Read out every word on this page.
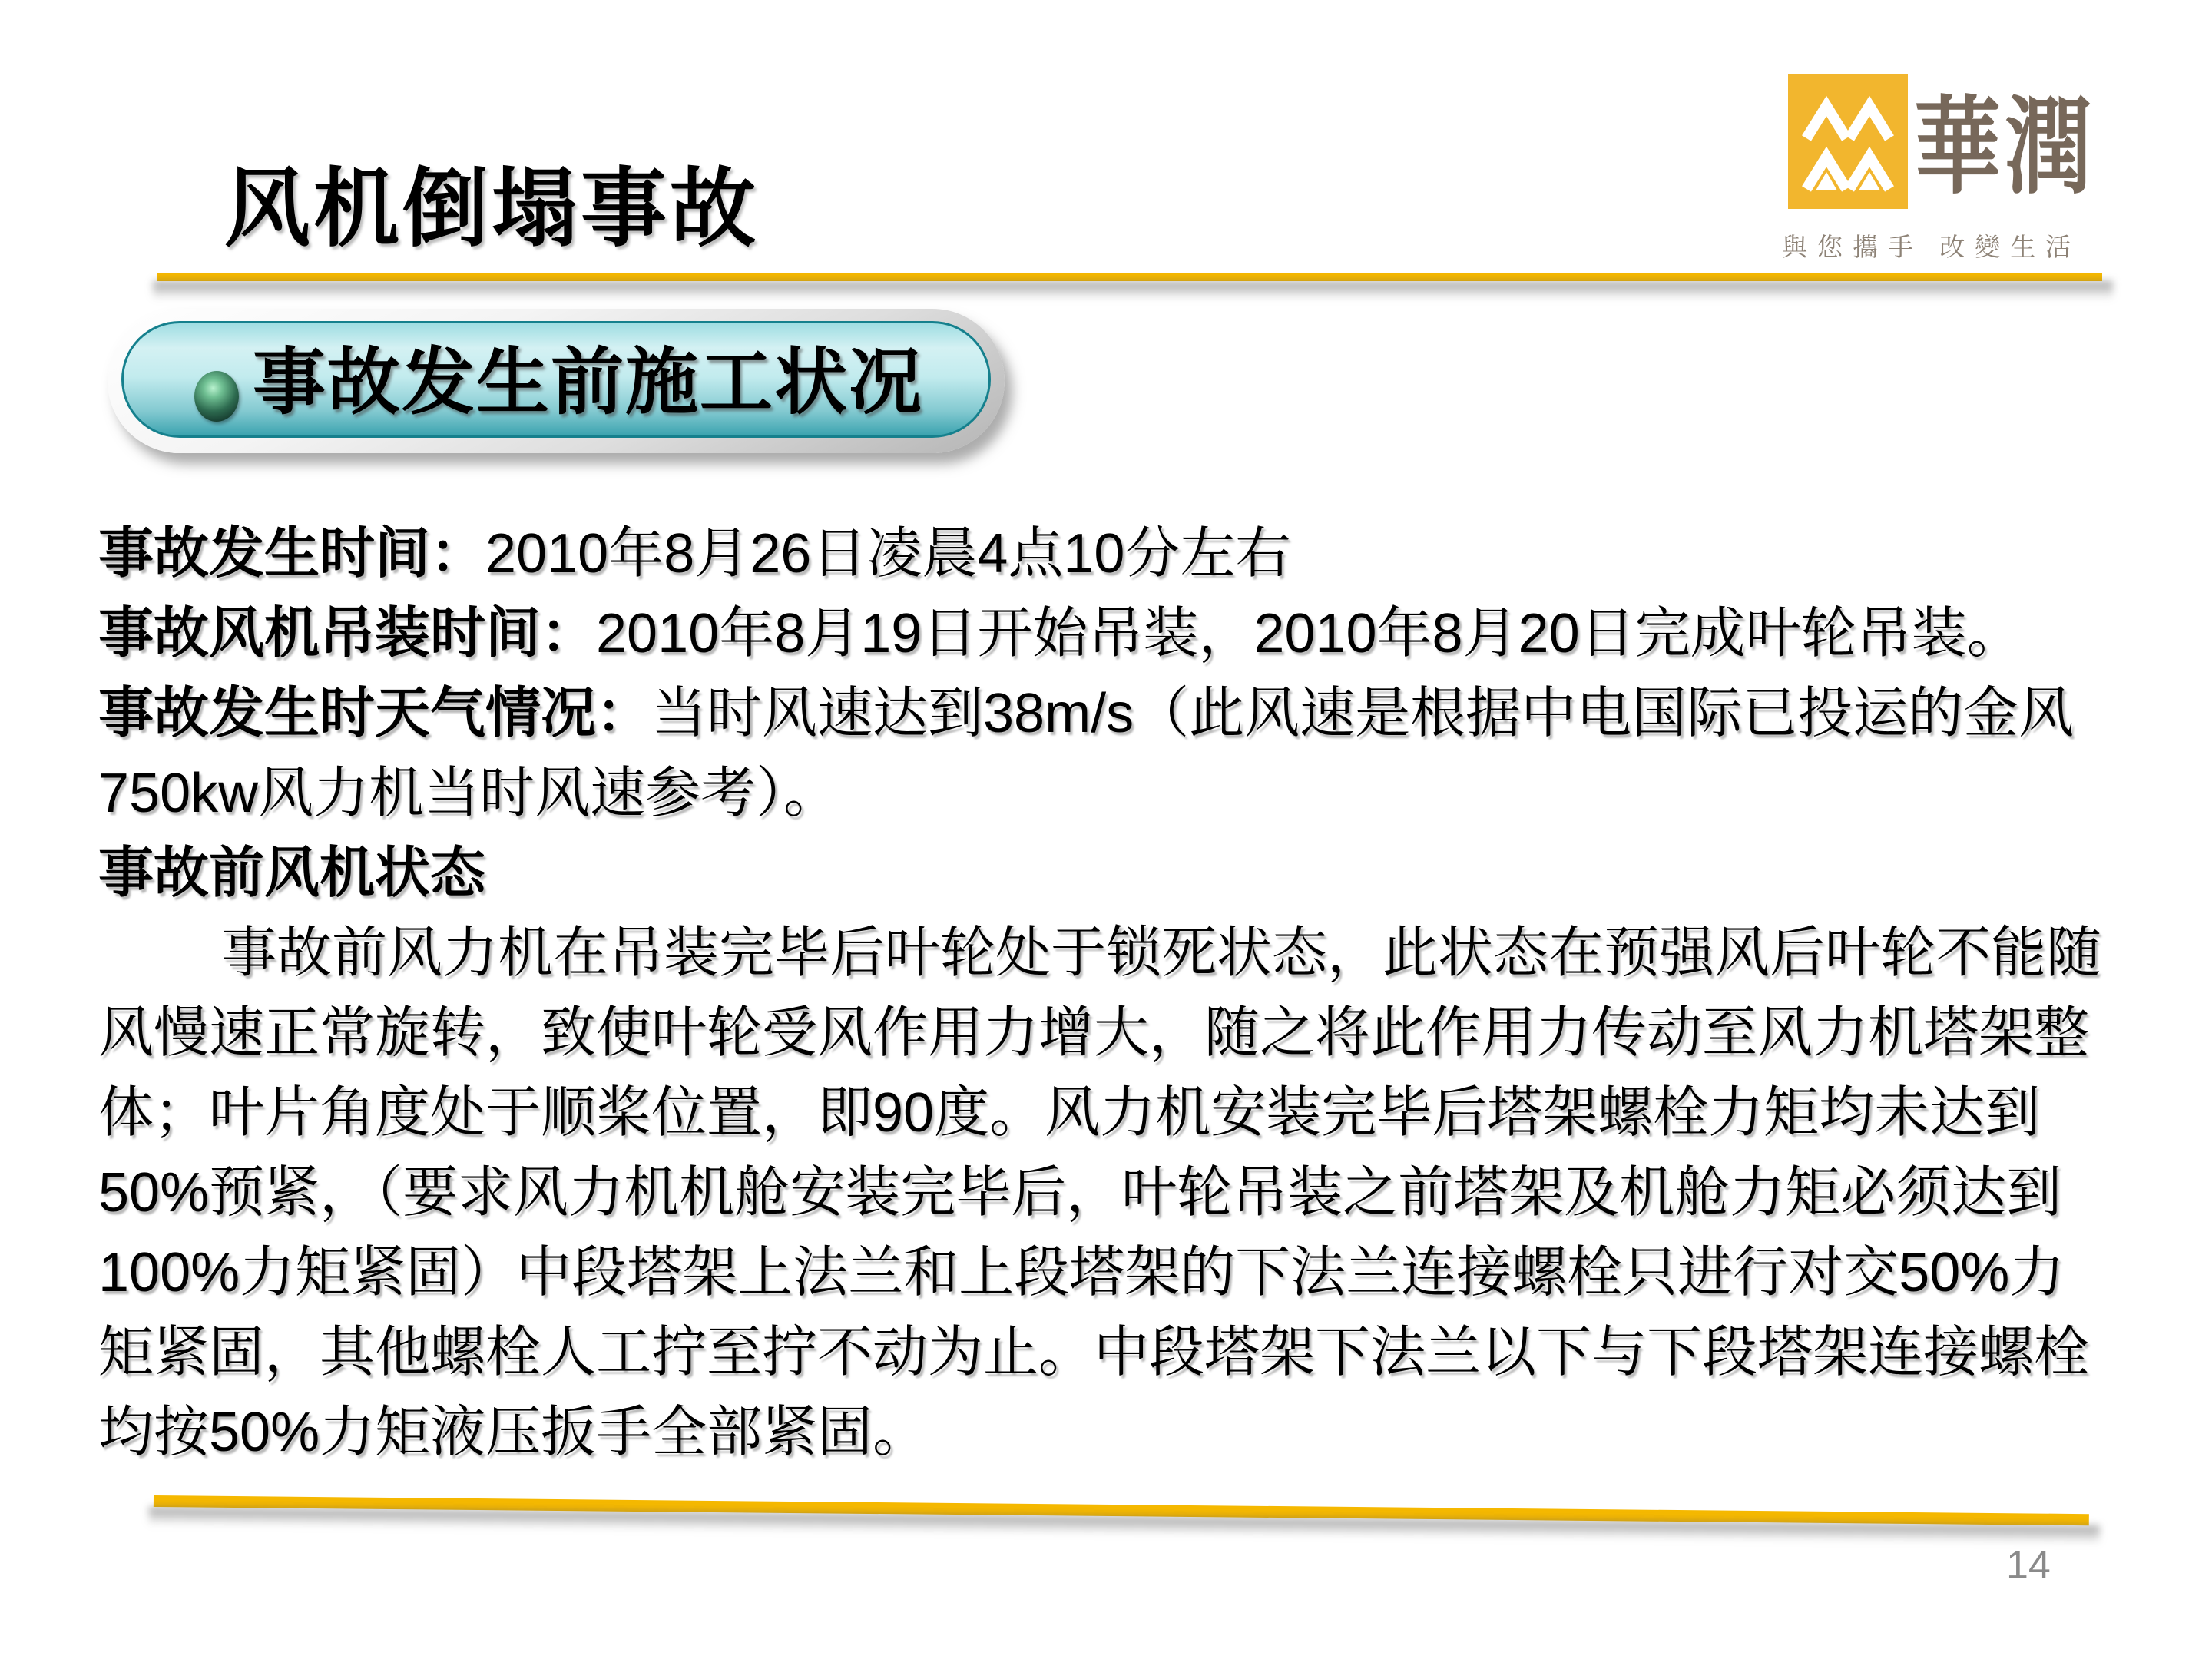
风机倒塌事故
華潤
與您攜手 改變生活
事故发生前施工状况
事故发生时间：2010年8月26日凌晨4点10分左右
事故风机吊装时间：2010年8月19日开始吊装，2010年8月20日完成叶轮吊装。
事故发生时天气情况：当时风速达到38m/s（此风速是根据中电国际已投运的金风
750kw风力机当时风速参考）。
事故前风机状态
事故前风力机在吊装完毕后叶轮处于锁死状态，此状态在预强风后叶轮不能随
风慢速正常旋转，致使叶轮受风作用力增大，随之将此作用力传动至风力机塔架整
体；叶片角度处于顺桨位置，即90度。风力机安装完毕后塔架螺栓力矩均未达到
50%预紧，（要求风力机机舱安装完毕后，叶轮吊装之前塔架及机舱力矩必须达到
100%力矩紧固）中段塔架上法兰和上段塔架的下法兰连接螺栓只进行对交50%力
矩紧固，其他螺栓人工拧至拧不动为止。中段塔架下法兰以下与下段塔架连接螺栓
均按50%力矩液压扳手全部紧固。
14
